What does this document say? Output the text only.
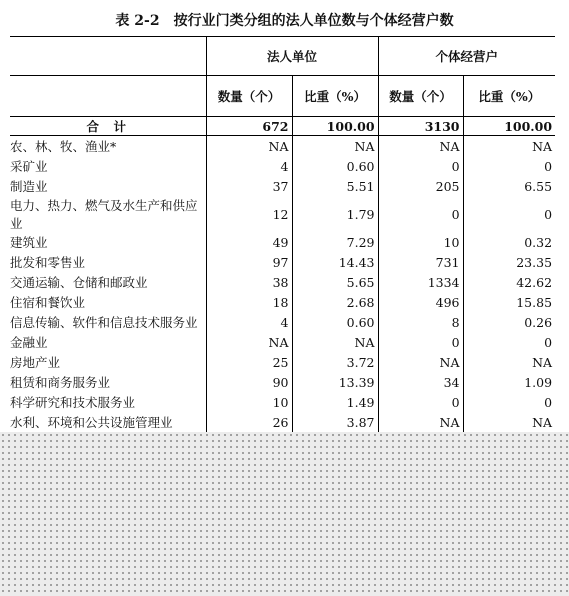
表 2-2　按行业门类分组的法人单位数与个体经营户数
	法人单位		个体经营户	
	数量（个）	比重（%）	数量（个）	比重（%）
合　计	672	100.00	3130	100.00
农、林、牧、渔业*	NA	NA	NA	NA
采矿业	4	0.60	0	0
制造业	37	5.51	205	6.55
电力、热力、燃气及水生产和供应业	12	1.79	0	0
建筑业	49	7.29	10	0.32
批发和零售业	97	14.43	731	23.35
交通运输、仓储和邮政业	38	5.65	1334	42.62
住宿和餐饮业	18	2.68	496	15.85
信息传输、软件和信息技术服务业	4	0.60	8	0.26
金融业	NA	NA	0	0
房地产业	25	3.72	NA	NA
租赁和商务服务业	90	13.39	34	1.09
科学研究和技术服务业	10	1.49	0	0
水利、环境和公共设施管理业	26	3.87	NA	NA
